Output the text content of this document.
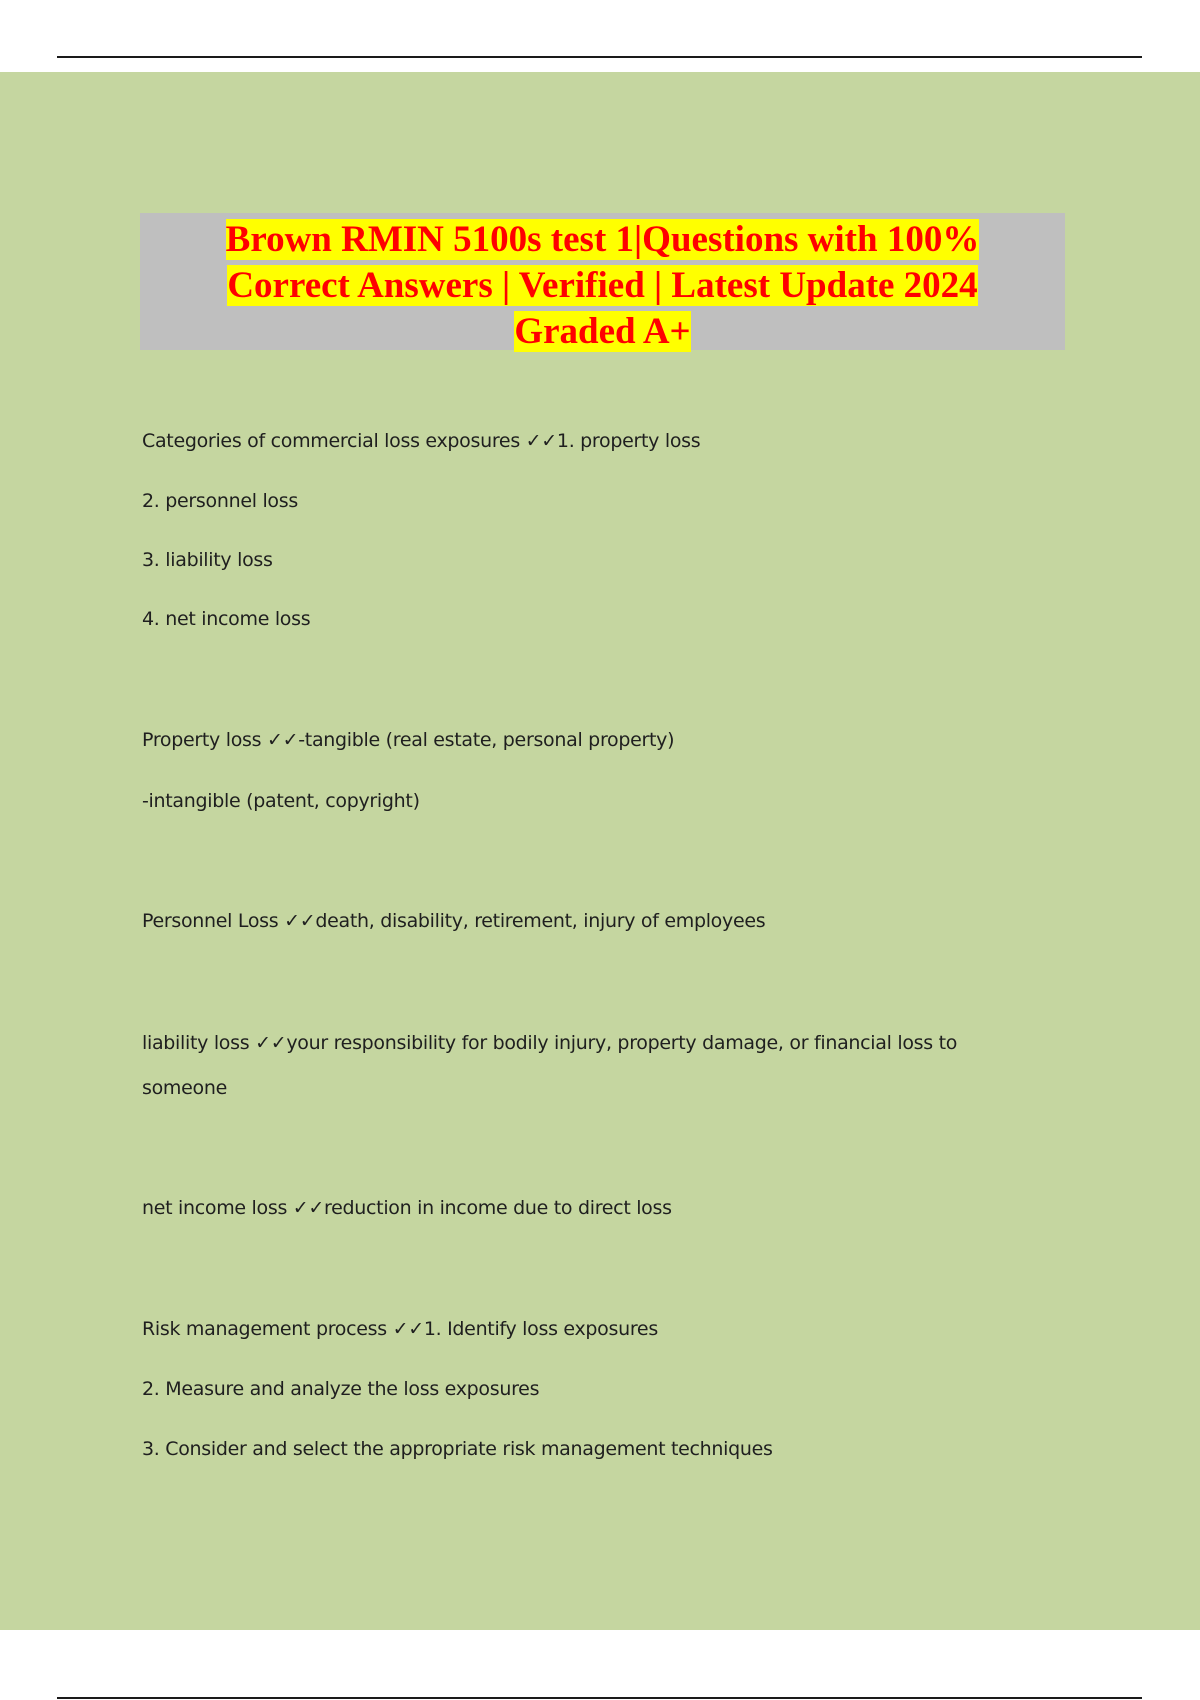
Brown RMIN 5100s test 1|Questions with 100%
Correct Answers | Verified | Latest Update 2024
Graded A+
Categories of commercial loss exposures ✓✓1. property loss
2. personnel loss
3. liability loss
4. net income loss
Property loss ✓✓-tangible (real estate, personal property)
-intangible (patent, copyright)
Personnel Loss ✓✓death, disability, retirement, injury of employees
liability loss ✓✓your responsibility for bodily injury, property damage, or financial loss to
someone
net income loss ✓✓reduction in income due to direct loss
Risk management process ✓✓1. Identify loss exposures
2. Measure and analyze the loss exposures
3. Consider and select the appropriate risk management techniques
